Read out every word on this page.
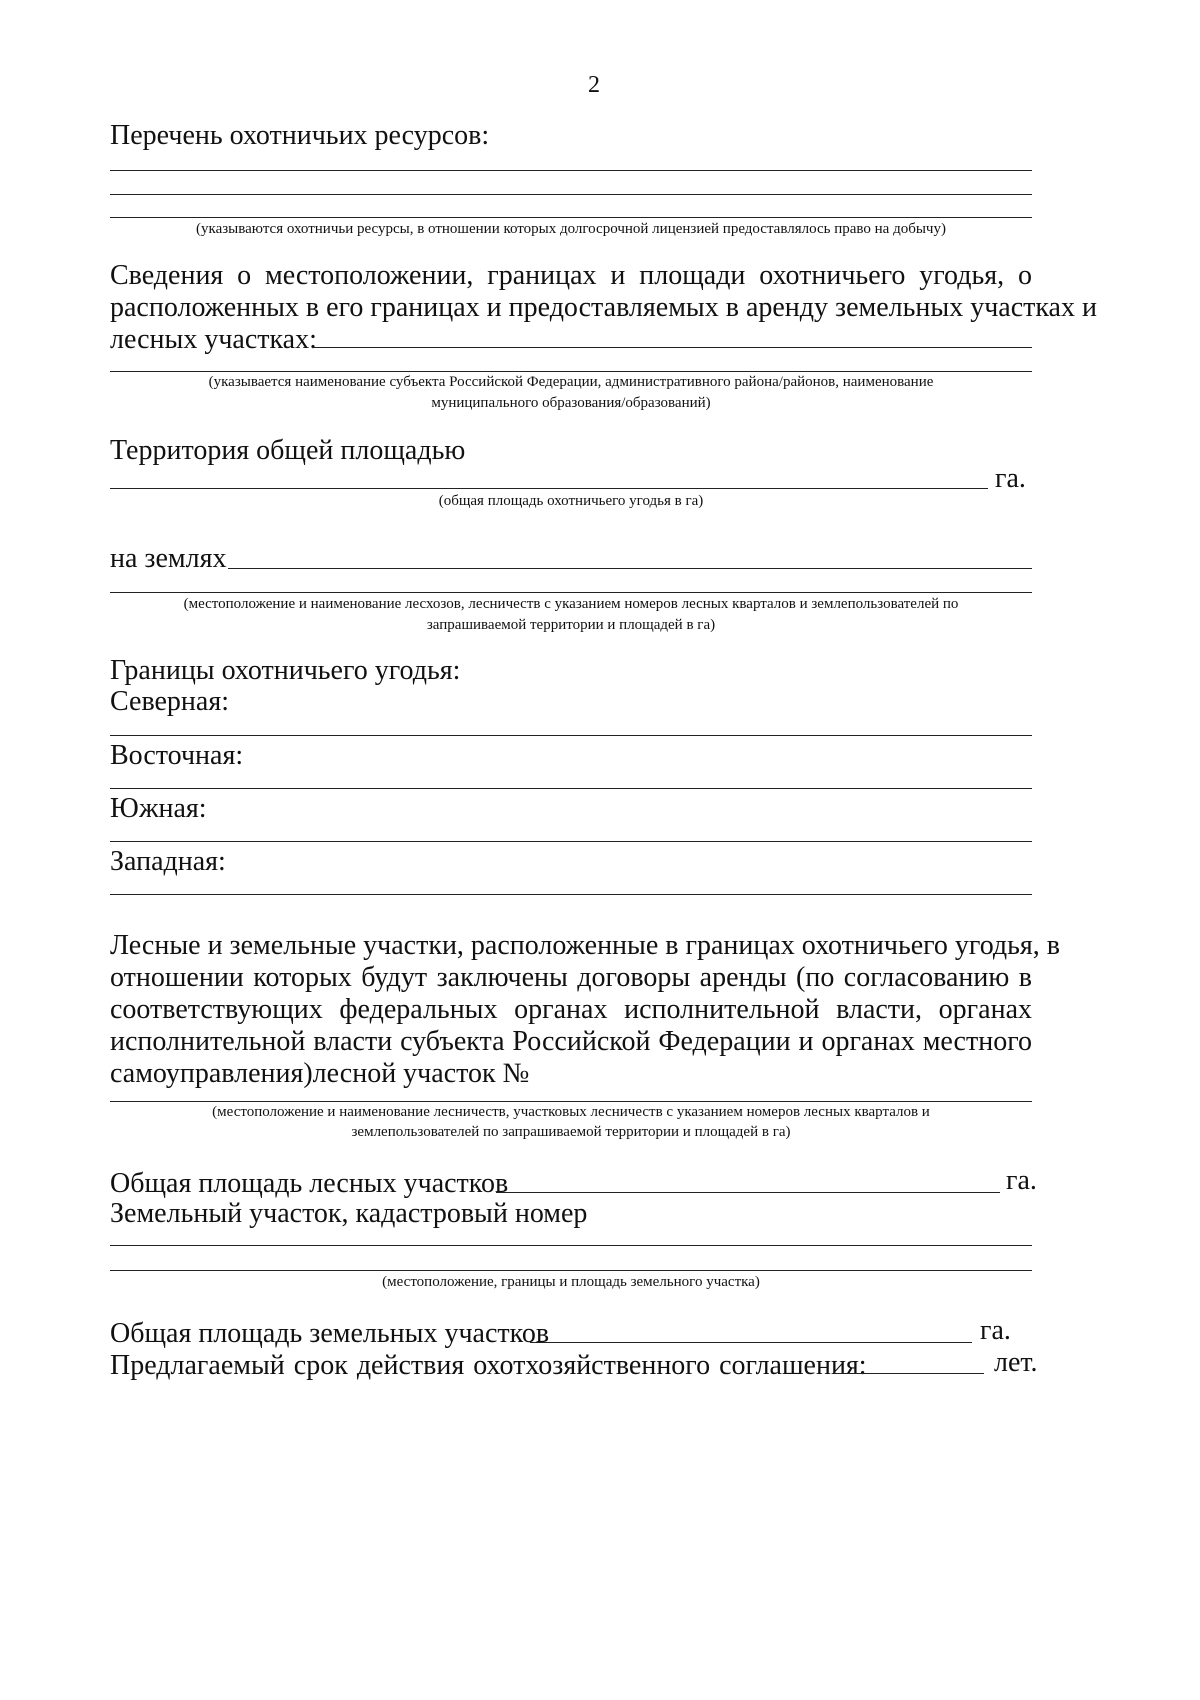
2
Перечень охотничьих ресурсов:
(указываются охотничьи ресурсы, в отношении которых долгосрочной лицензией предоставлялось право на добычу)
Сведения о местоположении, границах и площади охотничьего угодья, о
расположенных в его границах и предоставляемых в аренду земельных участках и
лесных участках:
(указывается наименование субъекта Российской Федерации, административного района/районов, наименование
муниципального образования/образований)
Территория общей площадью
га.
(общая площадь охотничьего угодья в га)
на землях
(местоположение и наименование лесхозов, лесничеств с указанием номеров лесных кварталов и землепользователей по
запрашиваемой территории и площадей в га)
Границы охотничьего угодья:
Северная:
Восточная:
Южная:
Западная:
Лесные и земельные участки, расположенные в границах охотничьего угодья, в
отношении которых будут заключены договоры аренды (по согласованию в
соответствующих федеральных органах исполнительной власти, органах
исполнительной власти субъекта Российской Федерации и органах местного
самоуправления)лесной участок №
(местоположение и наименование лесничеств, участковых лесничеств с указанием номеров лесных кварталов и
землепользователей по запрашиваемой территории и площадей в га)
Общая площадь лесных участков	га.
Земельный участок, кадастровый номер
(местоположение, границы и площадь земельного участка)
Общая площадь земельных участков	га.
Предлагаемый срок действия охотхозяйственного соглашения:	лет.
